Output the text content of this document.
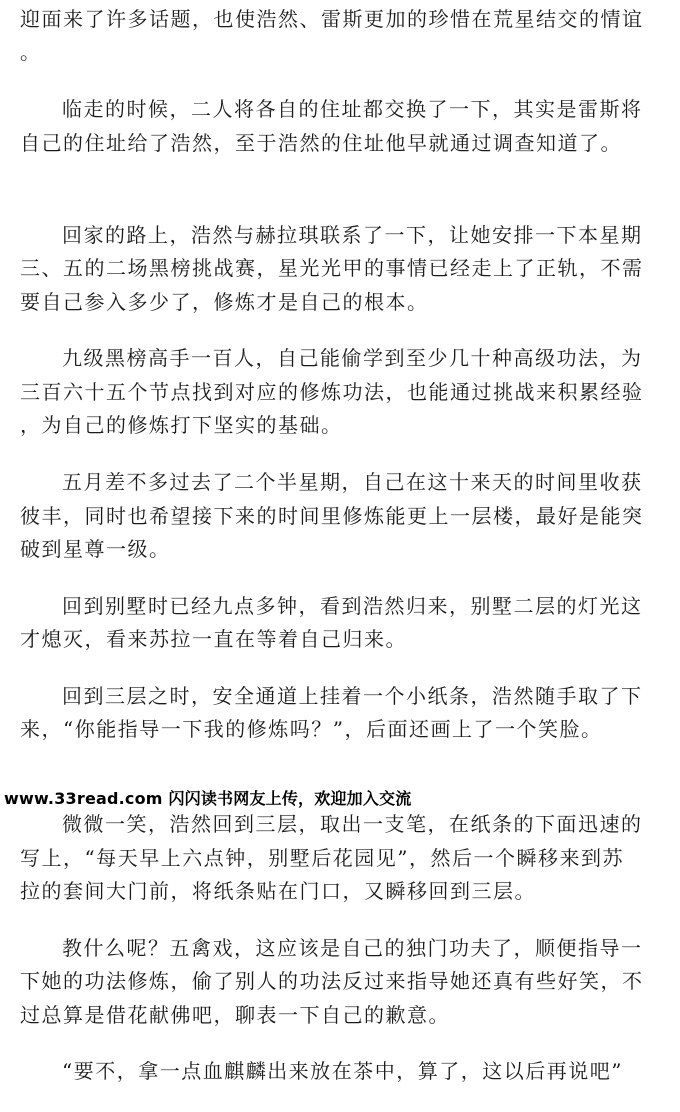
迎面来了许多话题，也使浩然、雷斯更加的珍惜在荒星结交的情谊
。
临走的时候，二人将各自的住址都交换了一下，其实是雷斯将
自己的住址给了浩然，至于浩然的住址他早就通过调查知道了。
回家的路上，浩然与赫拉琪联系了一下，让她安排一下本星期
三、五的二场黑榜挑战赛，星光光甲的事情已经走上了正轨，不需
要自己参入多少了，修炼才是自己的根本。
九级黑榜高手一百人，自己能偷学到至少几十种高级功法，为
三百六十五个节点找到对应的修炼功法，也能通过挑战来积累经验
，为自己的修炼打下坚实的基础。
五月差不多过去了二个半星期，自己在这十来天的时间里收获
彼丰，同时也希望接下来的时间里修炼能更上一层楼，最好是能突
破到星尊一级。
回到别墅时已经九点多钟，看到浩然归来，别墅二层的灯光这
才熄灭，看来苏拉一直在等着自己归来。
回到三层之时，安全通道上挂着一个小纸条，浩然随手取了下
来，“你能指导一下我的修炼吗？”，后面还画上了一个笑脸。
www.33read.com 闪闪读书网友上传，欢迎加入交流
微微一笑，浩然回到三层，取出一支笔，在纸条的下面迅速的
写上，“每天早上六点钟，别墅后花园见”，然后一个瞬移来到苏
拉的套间大门前，将纸条贴在门口，又瞬移回到三层。
教什么呢？五禽戏，这应该是自己的独门功夫了，顺便指导一
下她的功法修炼，偷了别人的功法反过来指导她还真有些好笑，不
过总算是借花献佛吧，聊表一下自己的歉意。
“要不，拿一点血麒麟出来放在茶中，算了，这以后再说吧”
